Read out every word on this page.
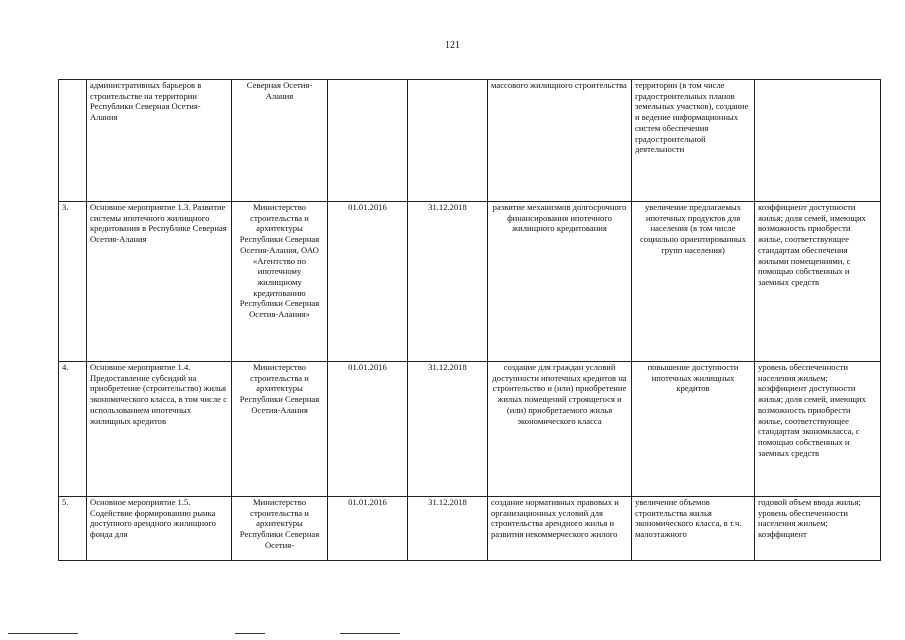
121
	административных барьеров в строительстве на территории Республики Северная Осетия-Алания	Северная Осетия-Алания			массового жилищного строительства	территории (в том числе градостроительных планов земельных участков), создание и ведение информационных систем обеспечения градостроительной деятельности	
3.	Основное мероприятие 1.3. Развитие системы ипотечного жилищного кредитования в Республике Северная Осетия-Алания	Министерство строительства и архитектуры Республики Северная Осетия-Алания, ОАО «Агентство по ипотечному жилищному кредитованию Республики Северная Осетия-Алания»	01.01.2016	31.12.2018	развитие механизмов долгосрочного финансирования ипотечного жилищного кредитования	увеличение предлагаемых ипотечных продуктов для населения (в том числе социально ориентированных групп населения)	коэффициент доступности жилья; доля семей, имеющих возможность приобрести жилье, соответствующее стандартам обеспечения жилыми помещениями, с помощью собственных и заемных средств
4.	Основное мероприятие 1.4. Предоставление субсидий на приобретение (строительство) жилья экономического класса, в том числе с использованием ипотечных жилищных кредитов	Министерство строительства и архитектуры Республики Северная Осетия-Алания	01.01.2016	31.12.2018	создание для граждан условий доступности ипотечных кредитов на строительство и (или) приобретение жилых помещений строящегося и (или) приобретаемого жилья экономического класса	повышение доступности ипотечных жилищных кредитов	уровень обеспеченности населения жильем; коэффициент доступности жилья; доля семей, имеющих возможность приобрести жилье, соответствующее стандартам экономкласса, с помощью собственных и заемных средств
5.	Основное мероприятие 1.5. Содействие формированию рынка доступного арендного жилищного фонда для	Министерство строительства и архитектуры Республики Северная Осетия-	01.01.2016	31.12.2018	создание нормативных правовых и организационных условий для строительства арендного жилья и развития некоммерческого жилого	увеличение объемов строительства жилья экономического класса, в т.ч. малоэтажного	годовой объем ввода жилья; уровень обеспеченности населения жильем; коэффициент
